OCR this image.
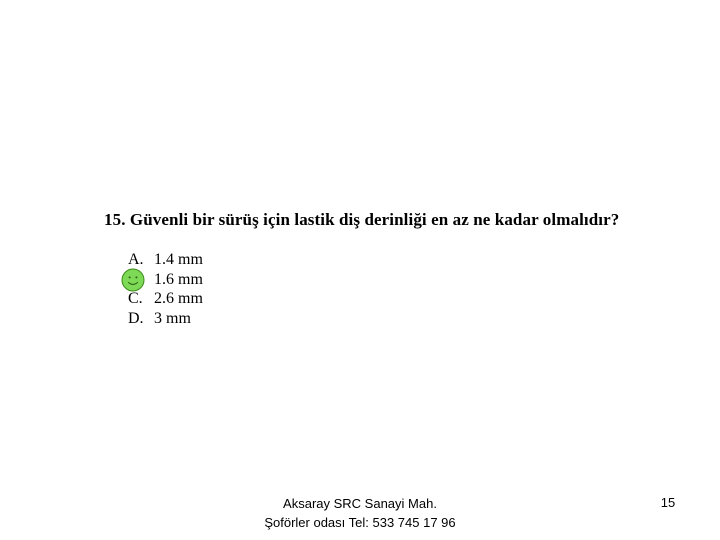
15. Güvenli bir sürüş için lastik diş derinliği en az ne kadar olmalıdır?
A. 1.4 mm
1.6 mm
C. 2.6 mm
D. 3 mm
Aksaray SRC Sanayi Mah.
Şoförler odası Tel: 533 745 17 96
15
